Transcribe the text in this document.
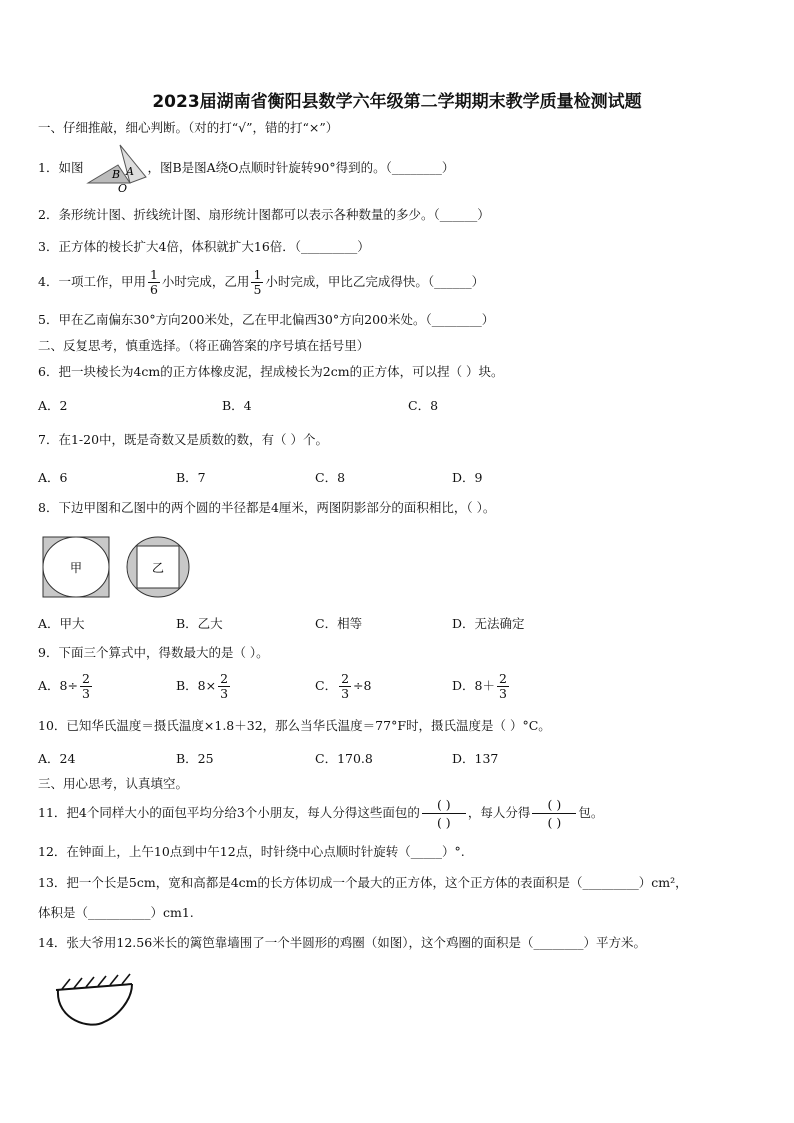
2023届湖南省衡阳县数学六年级第二学期期末教学质量检测试题
一、仔细推敲，细心判断。（对的打“√”，错的打“×”）
1．如图	，图B是图A绕O点顺时针旋转90°得到的。（________）
B A
O
2．条形统计图、折线统计图、扇形统计图都可以表示各种数量的多少。（______）
3．正方体的棱长扩大4倍，体积就扩大16倍．（_________）
4．一项工作，甲用 $\frac{1}{6}$ 小时完成，乙用 $\frac{1}{5}$ 小时完成，甲比乙完成得快。（______）
5．甲在乙南偏东30°方向200米处，乙在甲北偏西30°方向200米处。（________）
二、反复思考，慎重选择。（将正确答案的序号填在括号里）
6．把一块棱长为4cm的正方体橡皮泥，捏成棱长为2cm的正方体，可以捏（ ）块。
A．2	B．4	C．8
7．在1-20中，既是奇数又是质数的数，有（ ）个。
A．6	B．7	C．8	D．9
8．下边甲图和乙图中的两个圆的半径都是4厘米，两图阴影部分的面积相比，（ ）。
甲	乙
A．甲大	B．乙大	C．相等	D．无法确定
9．下面三个算式中，得数最大的是（ ）。
A．$8\div \frac{2}{3}$	B．$8\times \frac{2}{3}$	C． $\frac{2}{3} \div 8$	D．$8+ \frac{2}{3}$
10．已知华氏温度＝摄氏温度×1.8＋32，那么当华氏温度＝77°F时，摄氏温度是（ ）°C。
A．24	B．25	C．170.8	D．137
三、用心思考，认真填空。
11．把4个同样大小的面包平均分给3个小朋友，每人分得这些面包的 $\frac{( )}{( )}$ ，每人分得 $\frac{( )}{( )}$ 包。
12．在钟面上，上午10点到中午12点，时针绕中心点顺时针旋转（_____）°.
13．把一个长是5cm，宽和高都是4cm的长方体切成一个最大的正方体，这个正方体的表面积是（_________）cm²，
体积是（__________）cm1.
14．张大爷用12.56米长的篱笆靠墙围了一个半圆形的鸡圈（如图），这个鸡圈的面积是（________）平方米。
